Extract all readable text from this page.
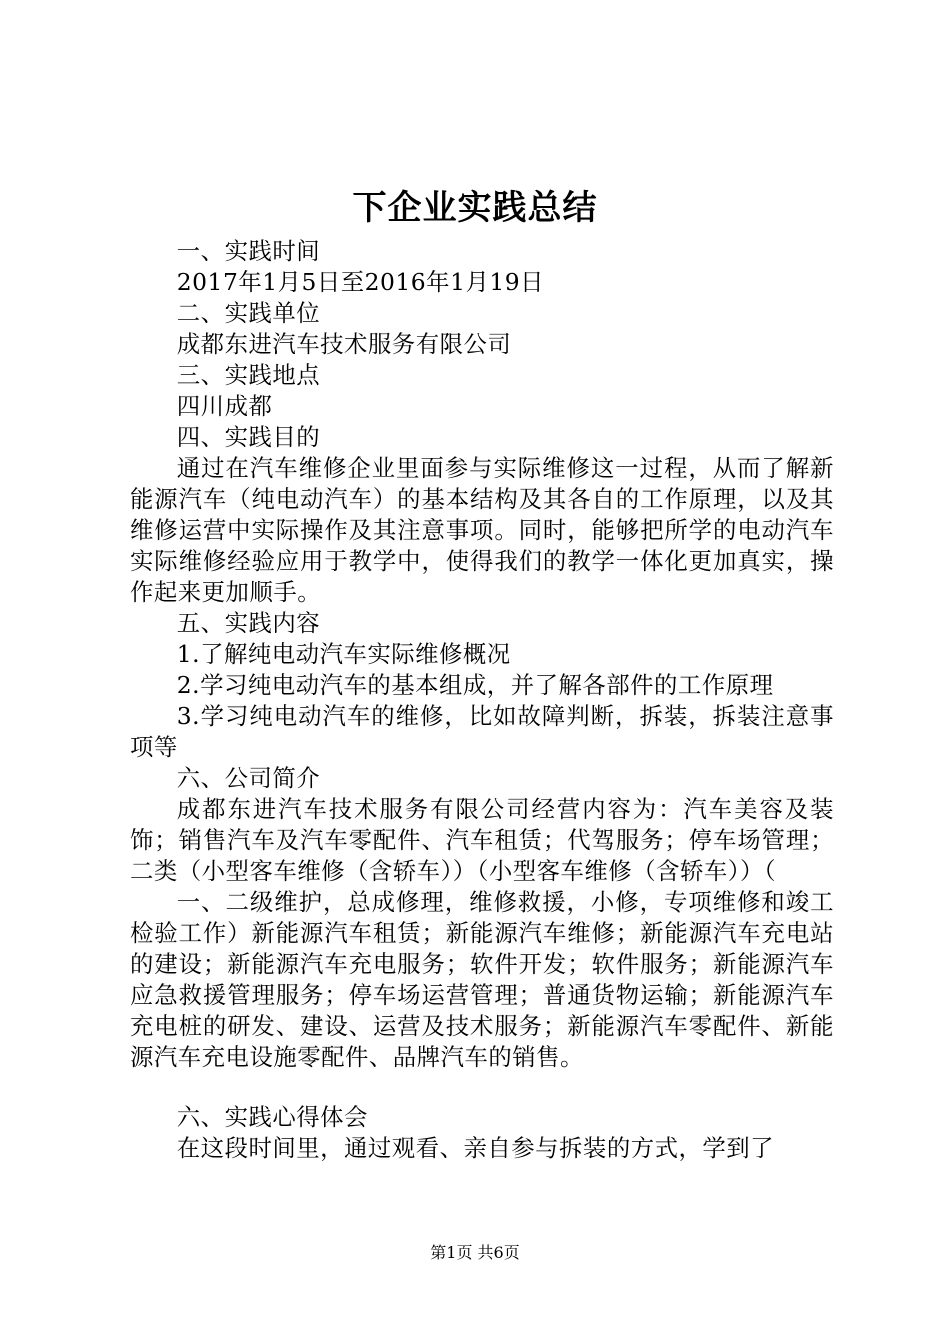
下企业实践总结

一、实践时间

2017年1月5日至2016年1月19日

二、实践单位

成都东进汽车技术服务有限公司

三、实践地点

四川成都

四、实践目的

通过在汽车维修企业里面参与实际维修这一过程，从而了解新能源汽车（纯电动汽车）的基本结构及其各自的工作原理，以及其维修运营中实际操作及其注意事项。同时，能够把所学的电动汽车实际维修经验应用于教学中，使得我们的教学一体化更加真实，操作起来更加顺手。

五、实践内容

1.了解纯电动汽车实际维修概况

2.学习纯电动汽车的基本组成，并了解各部件的工作原理

3.学习纯电动汽车的维修，比如故障判断，拆装，拆装注意事项等

六、公司简介

成都东进汽车技术服务有限公司经营内容为：汽车美容及装饰；销售汽车及汽车零配件、汽车租赁；代驾服务；停车场管理；二类（小型客车维修（含轿车））（小型客车维修（含轿车））（

一、二级维护，总成修理，维修救援，小修，专项维修和竣工检验工作）新能源汽车租赁；新能源汽车维修；新能源汽车充电站的建设；新能源汽车充电服务；软件开发；软件服务；新能源汽车应急救援管理服务；停车场运营管理；普通货物运输；新能源汽车充电桩的研发、建设、运营及技术服务；新能源汽车零配件、新能源汽车充电设施零配件、品牌汽车的销售。

六、实践心得体会

在这段时间里，通过观看、亲自参与拆装的方式，学到了

第1页 共6页
